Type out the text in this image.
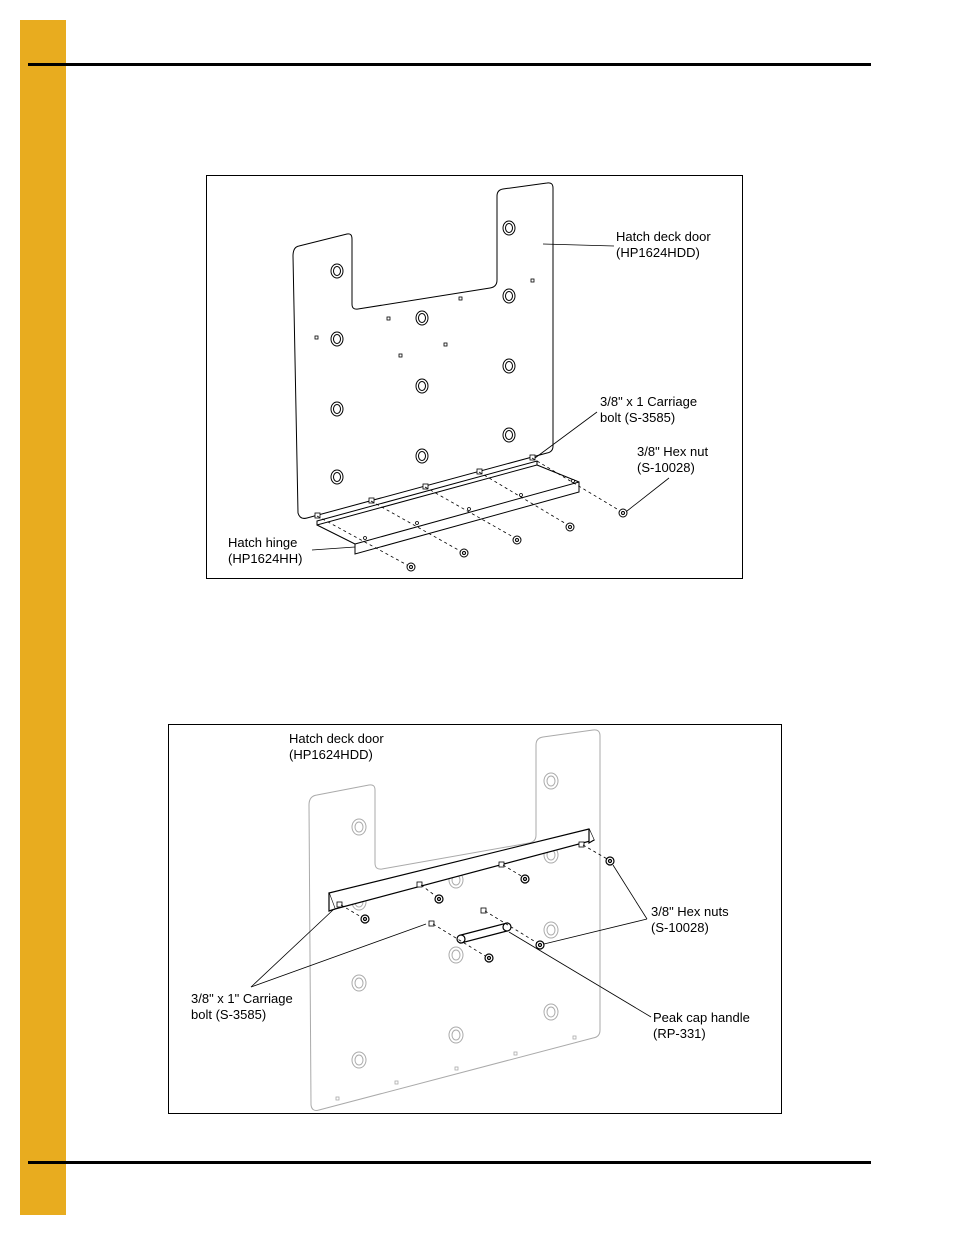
Hatch deck door
(HP1624HDD)
3/8" x 1 Carriage
bolt (S-3585)
3/8" Hex nut
(S-10028)
Hatch hinge
(HP1624HH)
Hatch deck door
(HP1624HDD)
3/8" Hex nuts
(S-10028)
3/8" x 1" Carriage
bolt (S-3585)	Peak cap handle
(RP-331)
